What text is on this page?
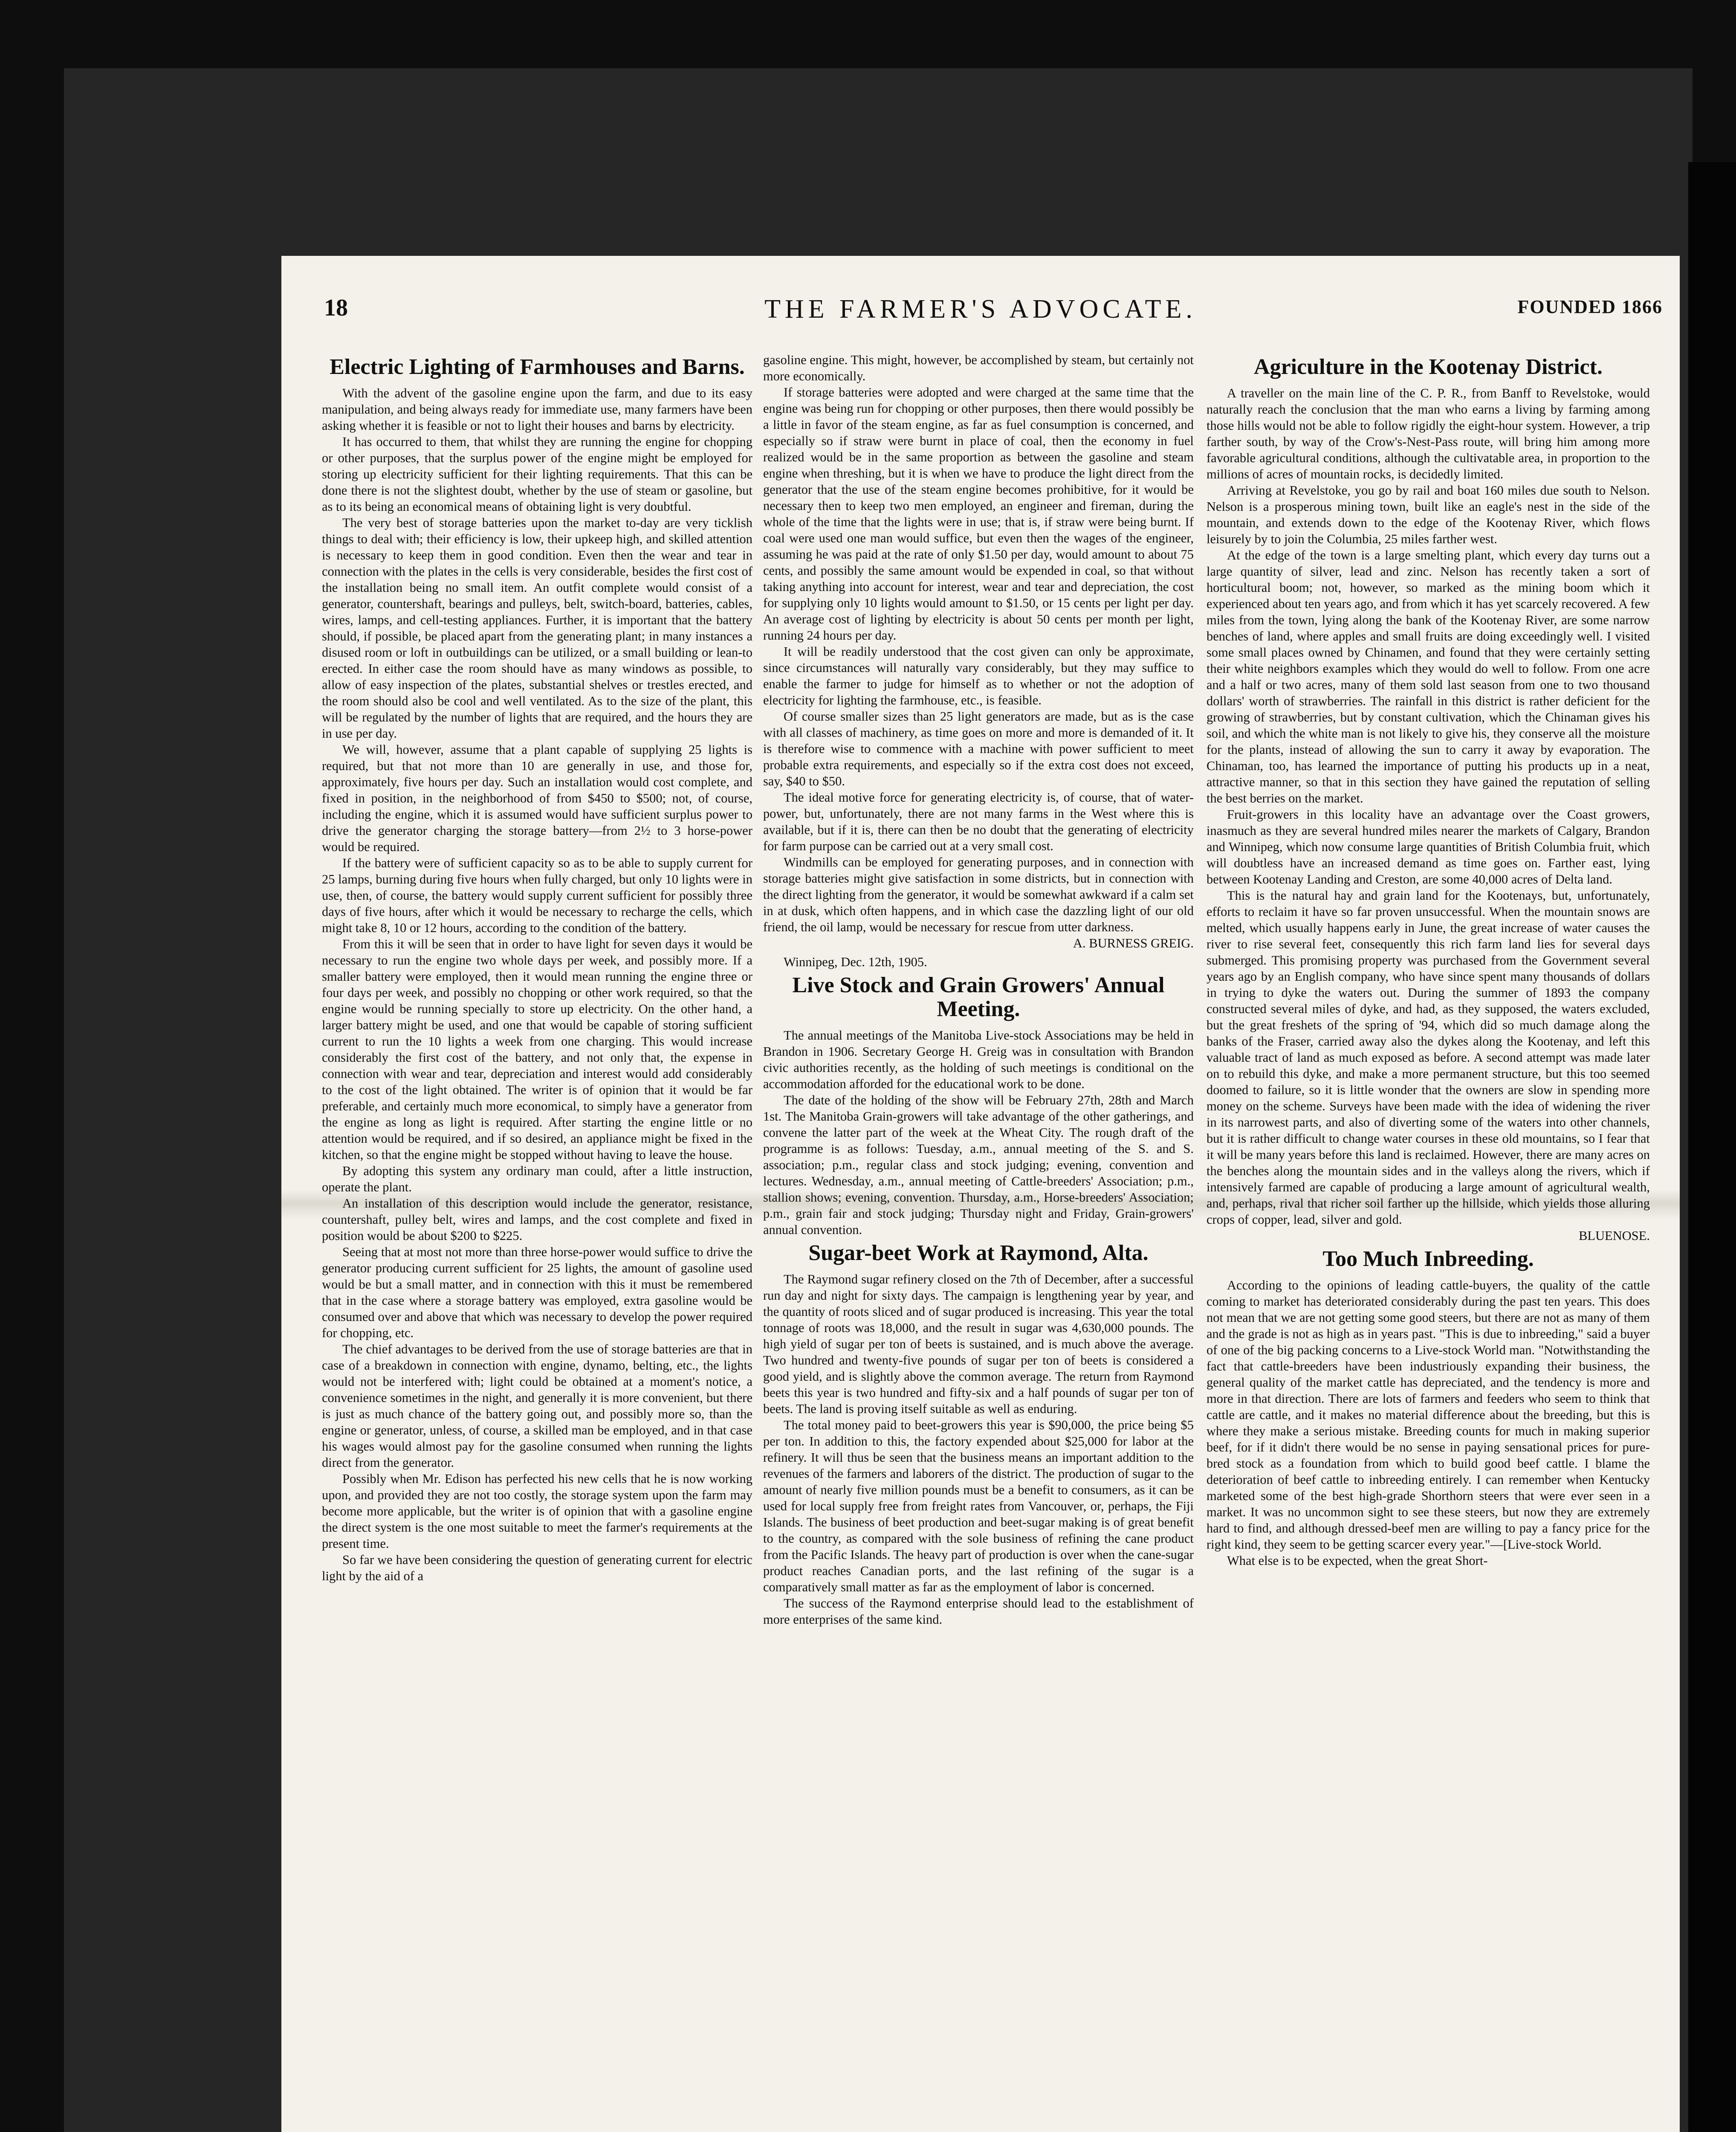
THE FARMER'S ADVOCATE.
18	FOUNDED 1866
Electric Lighting of Farmhouses and Barns.

With the advent of the gasoline engine upon the farm, and due to its easy manipulation, and being always ready for immediate use, many farmers have been asking whether it is feasible or not to light their houses and barns by electricity.

It has occurred to them, that whilst they are running the engine for chopping or other purposes, that the surplus power of the engine might be employed for storing up electricity sufficient for their lighting requirements. That this can be done there is not the slightest doubt, whether by the use of steam or gasoline, but as to its being an economical means of obtaining light is very doubtful.

The very best of storage batteries upon the market to-day are very ticklish things to deal with; their efficiency is low, their upkeep high, and skilled attention is necessary to keep them in good condition. Even then the wear and tear in connection with the plates in the cells is very considerable, besides the first cost of the installation being no small item. An outfit complete would consist of a generator, countershaft, bearings and pulleys, belt, switch-board, batteries, cables, wires, lamps, and cell-testing appliances. Further, it is important that the battery should, if possible, be placed apart from the generating plant; in many instances a disused room or loft in outbuildings can be utilized, or a small building or lean-to erected. In either case the room should have as many windows as possible, to allow of easy inspection of the plates, substantial shelves or trestles erected, and the room should also be cool and well ventilated. As to the size of the plant, this will be regulated by the number of lights that are required, and the hours they are in use per day.

We will, however, assume that a plant capable of supplying 25 lights is required, but that not more than 10 are generally in use, and those for, approximately, five hours per day. Such an installation would cost complete, and fixed in position, in the neighborhood of from $450 to $500; not, of course, including the engine, which it is assumed would have sufficient surplus power to drive the generator charging the storage battery—from 2½ to 3 horse-power would be required.

If the battery were of sufficient capacity so as to be able to supply current for 25 lamps, burning during five hours when fully charged, but only 10 lights were in use, then, of course, the battery would supply current sufficient for possibly three days of five hours, after which it would be necessary to recharge the cells, which might take 8, 10 or 12 hours, according to the condition of the battery.

From this it will be seen that in order to have light for seven days it would be necessary to run the engine two whole days per week, and possibly more. If a smaller battery were employed, then it would mean running the engine three or four days per week, and possibly no chopping or other work required, so that the engine would be running specially to store up electricity. On the other hand, a larger battery might be used, and one that would be capable of storing sufficient current to run the 10 lights a week from one charging. This would increase considerably the first cost of the battery, and not only that, the expense in connection with wear and tear, depreciation and interest would add considerably to the cost of the light obtained. The writer is of opinion that it would be far preferable, and certainly much more economical, to simply have a generator from the engine as long as light is required. After starting the engine little or no attention would be required, and if so desired, an appliance might be fixed in the kitchen, so that the engine might be stopped without having to leave the house.

By adopting this system any ordinary man could, after a little instruction, operate the plant.

An installation of this description would include the generator, resistance, countershaft, pulley belt, wires and lamps, and the cost complete and fixed in position would be about $200 to $225.

Seeing that at most not more than three horse-power would suffice to drive the generator producing current sufficient for 25 lights, the amount of gasoline used would be but a small matter, and in connection with this it must be remembered that in the case where a storage battery was employed, extra gasoline would be consumed over and above that which was necessary to develop the power required for chopping, etc.

The chief advantages to be derived from the use of storage batteries are that in case of a breakdown in connection with engine, dynamo, belting, etc., the lights would not be interfered with; light could be obtained at a moment's notice, a convenience sometimes in the night, and generally it is more convenient, but there is just as much chance of the battery going out, and possibly more so, than the engine or generator, unless, of course, a skilled man be employed, and in that case his wages would almost pay for the gasoline consumed when running the lights direct from the generator.

Possibly when Mr. Edison has perfected his new cells that he is now working upon, and provided they are not too costly, the storage system upon the farm may become more applicable, but the writer is of opinion that with a gasoline engine the direct system is the one most suitable to meet the farmer's requirements at the present time.

So far we have been considering the question of generating current for electric light by the aid of a

gasoline engine. This might, however, be accomplished by steam, but certainly not more economically.

If storage batteries were adopted and were charged at the same time that the engine was being run for chopping or other purposes, then there would possibly be a little in favor of the steam engine, as far as fuel consumption is concerned, and especially so if straw were burnt in place of coal, then the economy in fuel realized would be in the same proportion as between the gasoline and steam engine when threshing, but it is when we have to produce the light direct from the generator that the use of the steam engine becomes prohibitive, for it would be necessary then to keep two men employed, an engineer and fireman, during the whole of the time that the lights were in use; that is, if straw were being burnt. If coal were used one man would suffice, but even then the wages of the engineer, assuming he was paid at the rate of only $1.50 per day, would amount to about 75 cents, and possibly the same amount would be expended in coal, so that without taking anything into account for interest, wear and tear and depreciation, the cost for supplying only 10 lights would amount to $1.50, or 15 cents per light per day. An average cost of lighting by electricity is about 50 cents per month per light, running 24 hours per day.

It will be readily understood that the cost given can only be approximate, since circumstances will naturally vary considerably, but they may suffice to enable the farmer to judge for himself as to whether or not the adoption of electricity for lighting the farmhouse, etc., is feasible.

Of course smaller sizes than 25 light generators are made, but as is the case with all classes of machinery, as time goes on more and more is demanded of it. It is therefore wise to commence with a machine with power sufficient to meet probable extra requirements, and especially so if the extra cost does not exceed, say, $40 to $50.

The ideal motive force for generating electricity is, of course, that of water-power, but, unfortunately, there are not many farms in the West where this is available, but if it is, there can then be no doubt that the generating of electricity for farm purpose can be carried out at a very small cost.

Windmills can be employed for generating purposes, and in connection with storage batteries might give satisfaction in some districts, but in connection with the direct lighting from the generator, it would be somewhat awkward if a calm set in at dusk, which often happens, and in which case the dazzling light of our old friend, the oil lamp, would be necessary for rescue from utter darkness.

A. BURNESS GREIG.

Winnipeg, Dec. 12th, 1905.

Live Stock and Grain Growers' Annual Meeting.

The annual meetings of the Manitoba Live-stock Associations may be held in Brandon in 1906. Secretary George H. Greig was in consultation with Brandon civic authorities recently, as the holding of such meetings is conditional on the accommodation afforded for the educational work to be done.

The date of the holding of the show will be February 27th, 28th and March 1st. The Manitoba Grain-growers will take advantage of the other gatherings, and convene the latter part of the week at the Wheat City. The rough draft of the programme is as follows: Tuesday, a.m., annual meeting of the S. and S. association; p.m., regular class and stock judging; evening, convention and lectures. Wednesday, a.m., annual meeting of Cattle-breeders' Association; p.m., stallion shows; evening, convention. Thursday, a.m., Horse-breeders' Association; p.m., grain fair and stock judging; Thursday night and Friday, Grain-growers' annual convention.

Sugar-beet Work at Raymond, Alta.

The Raymond sugar refinery closed on the 7th of December, after a successful run day and night for sixty days. The campaign is lengthening year by year, and the quantity of roots sliced and of sugar produced is increasing. This year the total tonnage of roots was 18,000, and the result in sugar was 4,630,000 pounds. The high yield of sugar per ton of beets is sustained, and is much above the average. Two hundred and twenty-five pounds of sugar per ton of beets is considered a good yield, and is slightly above the common average. The return from Raymond beets this year is two hundred and fifty-six and a half pounds of sugar per ton of beets. The land is proving itself suitable as well as enduring.

The total money paid to beet-growers this year is $90,000, the price being $5 per ton. In addition to this, the factory expended about $25,000 for labor at the refinery. It will thus be seen that the business means an important addition to the revenues of the farmers and laborers of the district. The production of sugar to the amount of nearly five million pounds must be a benefit to consumers, as it can be used for local supply free from freight rates from Vancouver, or, perhaps, the Fiji Islands. The business of beet production and beet-sugar making is of great benefit to the country, as compared with the sole business of refining the cane product from the Pacific Islands. The heavy part of production is over when the cane-sugar product reaches Canadian ports, and the last refining of the sugar is a comparatively small matter as far as the employment of labor is concerned.

The success of the Raymond enterprise should lead to the establishment of more enterprises of the same kind.

Agriculture in the Kootenay District.

A traveller on the main line of the C. P. R., from Banff to Revelstoke, would naturally reach the conclusion that the man who earns a living by farming among those hills would not be able to follow rigidly the eight-hour system. However, a trip farther south, by way of the Crow's-Nest-Pass route, will bring him among more favorable agricultural conditions, although the cultivatable area, in proportion to the millions of acres of mountain rocks, is decidedly limited.

Arriving at Revelstoke, you go by rail and boat 160 miles due south to Nelson. Nelson is a prosperous mining town, built like an eagle's nest in the side of the mountain, and extends down to the edge of the Kootenay River, which flows leisurely by to join the Columbia, 25 miles farther west.

At the edge of the town is a large smelting plant, which every day turns out a large quantity of silver, lead and zinc. Nelson has recently taken a sort of horticultural boom; not, however, so marked as the mining boom which it experienced about ten years ago, and from which it has yet scarcely recovered. A few miles from the town, lying along the bank of the Kootenay River, are some narrow benches of land, where apples and small fruits are doing exceedingly well. I visited some small places owned by Chinamen, and found that they were certainly setting their white neighbors examples which they would do well to follow. From one acre and a half or two acres, many of them sold last season from one to two thousand dollars' worth of strawberries. The rainfall in this district is rather deficient for the growing of strawberries, but by constant cultivation, which the Chinaman gives his soil, and which the white man is not likely to give his, they conserve all the moisture for the plants, instead of allowing the sun to carry it away by evaporation. The Chinaman, too, has learned the importance of putting his products up in a neat, attractive manner, so that in this section they have gained the reputation of selling the best berries on the market.

Fruit-growers in this locality have an advantage over the Coast growers, inasmuch as they are several hundred miles nearer the markets of Calgary, Brandon and Winnipeg, which now consume large quantities of British Columbia fruit, which will doubtless have an increased demand as time goes on. Farther east, lying between Kootenay Landing and Creston, are some 40,000 acres of Delta land.

This is the natural hay and grain land for the Kootenays, but, unfortunately, efforts to reclaim it have so far proven unsuccessful. When the mountain snows are melted, which usually happens early in June, the great increase of water causes the river to rise several feet, consequently this rich farm land lies for several days submerged. This promising property was purchased from the Government several years ago by an English company, who have since spent many thousands of dollars in trying to dyke the waters out. During the summer of 1893 the company constructed several miles of dyke, and had, as they supposed, the waters excluded, but the great freshets of the spring of '94, which did so much damage along the banks of the Fraser, carried away also the dykes along the Kootenay, and left this valuable tract of land as much exposed as before. A second attempt was made later on to rebuild this dyke, and make a more permanent structure, but this too seemed doomed to failure, so it is little wonder that the owners are slow in spending more money on the scheme. Surveys have been made with the idea of widening the river in its narrowest parts, and also of diverting some of the waters into other channels, but it is rather difficult to change water courses in these old mountains, so I fear that it will be many years before this land is reclaimed. However, there are many acres on the benches along the mountain sides and in the valleys along the rivers, which if intensively farmed are capable of producing a large amount of agricultural wealth, and, perhaps, rival that richer soil farther up the hillside, which yields those alluring crops of copper, lead, silver and gold.

BLUENOSE.
Too Much Inbreeding.

According to the opinions of leading cattle-buyers, the quality of the cattle coming to market has deteriorated considerably during the past ten years. This does not mean that we are not getting some good steers, but there are not as many of them and the grade is not as high as in years past. "This is due to inbreeding," said a buyer of one of the big packing concerns to a Live-stock World man. "Notwithstanding the fact that cattle-breeders have been industriously expanding their business, the general quality of the market cattle has depreciated, and the tendency is more and more in that direction. There are lots of farmers and feeders who seem to think that cattle are cattle, and it makes no material difference about the breeding, but this is where they make a serious mistake. Breeding counts for much in making superior beef, for if it didn't there would be no sense in paying sensational prices for pure-bred stock as a foundation from which to build good beef cattle. I blame the deterioration of beef cattle to inbreeding entirely. I can remember when Kentucky marketed some of the best high-grade Shorthorn steers that were ever seen in a market. It was no uncommon sight to see these steers, but now they are extremely hard to find, and although dressed-beef men are willing to pay a fancy price for the right kind, they seem to be getting scarcer every year."—[Live-stock World.

What else is to be expected, when the great Short-
